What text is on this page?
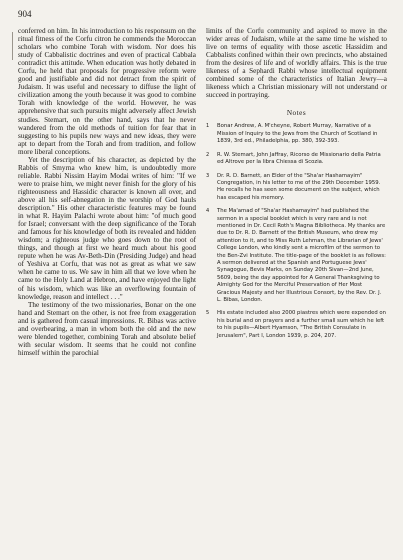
904

conferred on him. In his introduction to his responsum on the ritual fitness of the Corfu citron he commends the Moroccan scholars who combine Torah with wisdom. Nor does his study of Cabbalistic doctrines and even of practical Cabbala contradict this attitude. When education was hotly debated in Corfu, he held that proposals for progressive reform were good and justifiable and did not detract from the spirit of Judaism. It was useful and necessary to diffuse the light of civilization among the youth because it was good to combine Torah with knowledge of the world. However, he was apprehensive that such pursuits might adversely affect Jewish studies. Stemart, on the other hand, says that he never wandered from the old methods of tuition for fear that in suggesting to his pupils new ways and new ideas, they were apt to depart from the Torah and from tradition, and follow more liberal conceptions.

Yet the description of his character, as depicted by the Rabbis of Smyrna who knew him, is undoubtedly more reliable. Rabbi Nissim Hayim Modai writes of him: "If we were to praise him, we might never finish for the glory of his righteousness and Hassidic character is known all over, and above all his self-abnegation in the worship of God hauls description." His other characteristic features may be found in what R. Hayim Palachi wrote about him: "of much good for Israel; conversant with the deep significance of the Torah and famous for his knowledge of both its revealed and hidden wisdom; a righteous judge who goes down to the root of things, and though at first we heard much about his good repute when he was Av-Beth-Din (Presiding Judge) and head of Yeshiva at Corfu, that was not as great as what we saw when he came to us. We saw in him all that we love when he came to the Holy Land at Hebron, and have enjoyed the light of his wisdom, which was like an overflowing fountain of knowledge, reason and intellect . . ."

The testimony of the two missionaries, Bonar on the one hand and Stemart on the other, is not free from exaggeration and is gathered from casual impressions. R. Bibas was active and overbearing, a man in whom both the old and the new were blended together, combining Torah and absolute belief with secular wisdom. It seems that he could not confine himself within the parochial

limits of the Corfu community and aspired to move in the wider areas of Judaism, while at the same time he wished to live on terms of equality with those ascetic Hassidim and Cabbalists confined within their own precincts, who abstained from the desires of life and of worldly affairs. This is the true likeness of a Sephardi Rabbi whose intellectual equipment combined some of the characteristics of Italian Jewry—a likeness which a Christian missionary will not understand or succeed in portraying.

Notes
1	Bonar Andrew, A. M'cheyne, Robert Murray, Narrative of a Mission of Inquiry to the Jews from the Church of Scotland in 1839, 3rd ed., Philadelphia, pp. 380, 392-393.
2	R. W. Stemart, John Jaffray, Ricorso de Missionario della Patria ed Altrove per la libra Chiessa di Scozia.
3	Dr. R. D. Barnett, an Elder of the "Sha'ar Hashamayim" Congregation, in his letter to me of the 29th December 1959. He recalls he has seen some document on the subject, which has escaped his memory.
4	The Ma'amad of "Sha'ar Hashamayim" had published the sermon in a special booklet which is very rare and is not mentioned in Dr. Cecil Roth's Magna Bibliotheca. My thanks are due to Dr. R. D. Barnett of the British Museum, who drew my attention to it, and to Miss Ruth Lehman, the Librarian of Jews' College London, who kindly sent a microfilm of the sermon to the Ben-Zvi Institute. The title-page of the booklet is as follows: A sermon delivered at the Spanish and Portuguese Jews' Synagogue, Bevis Marks, on Sunday 20th Sivan—2nd June, 5609, being the day appointed for A General Thanksgiving to Almighty God for the Merciful Preservation of Her Most Gracious Majesty and her Illustrious Consort, by the Rev. Dr. J. L. Bibas, London.
5	His estate included also 2000 piastres which were expended on his burial and on prayers and a further small sum which he left to his pupils—Albert Hyamson, "The British Consulate in Jerusalem", Part I, London 1939, p. 204, 207.
